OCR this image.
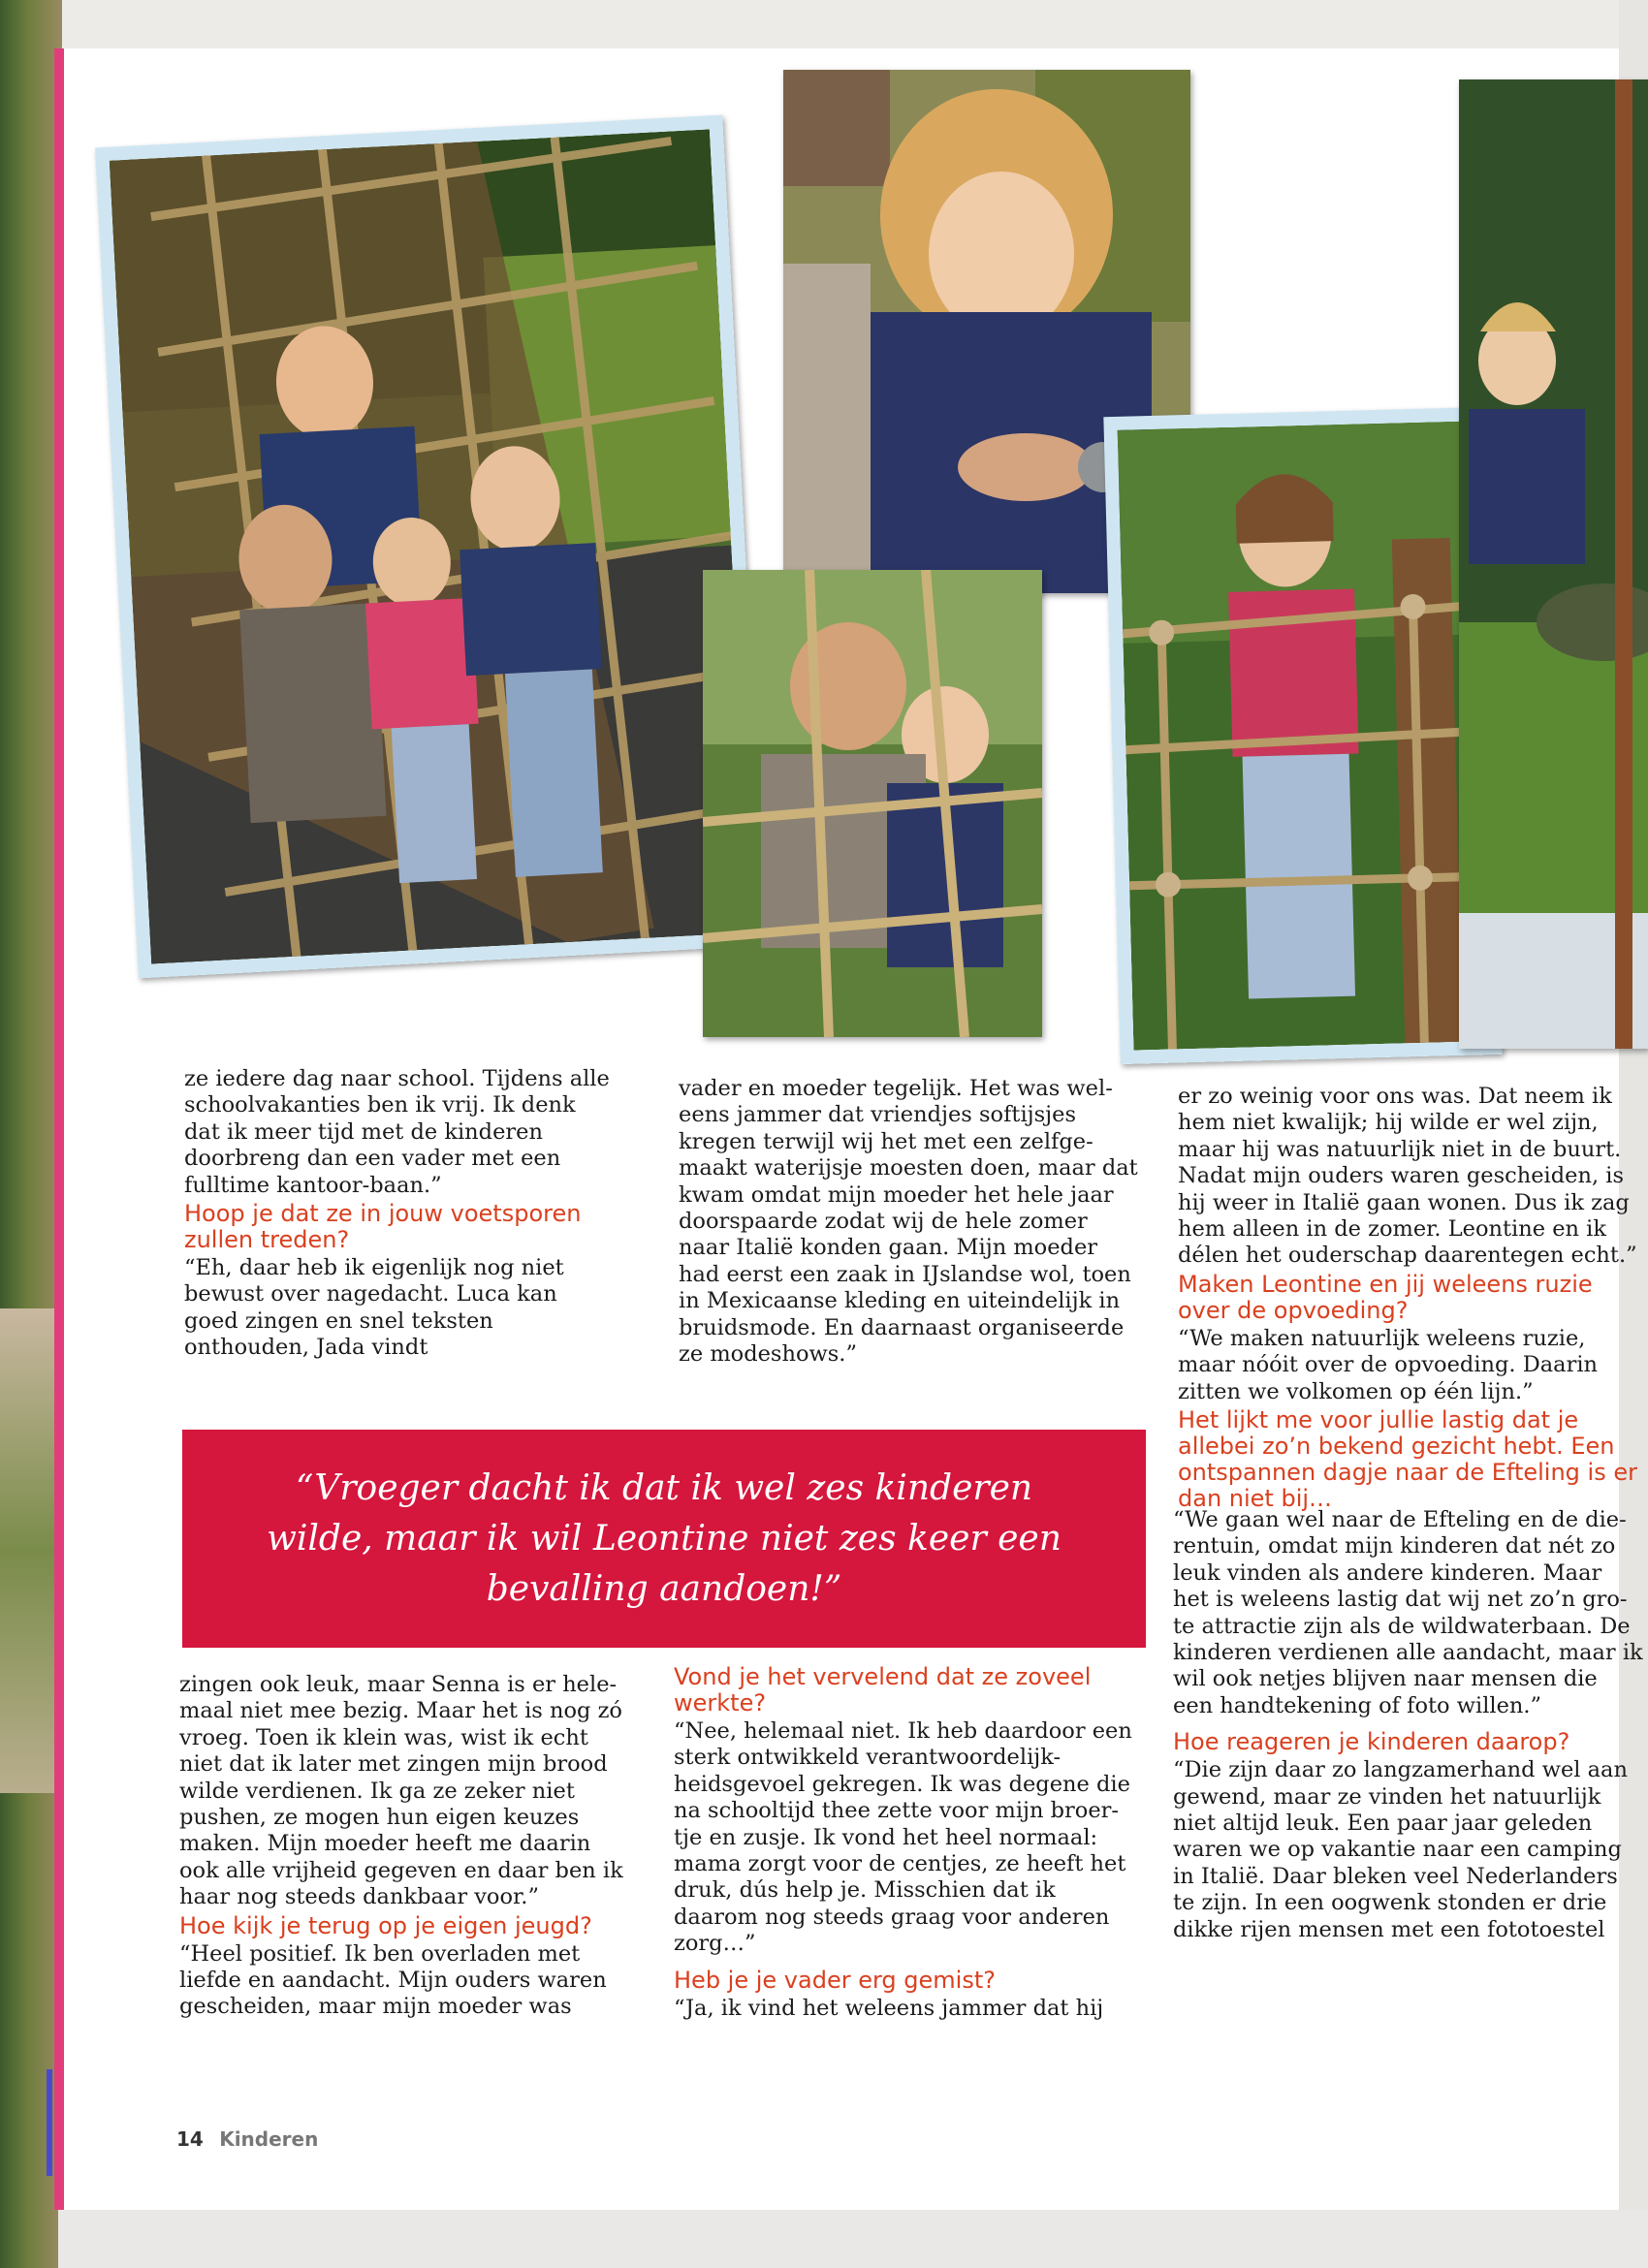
ze iedere dag naar school. Tijdens alle schoolvakanties ben ik vrij. Ik denk dat ik meer tijd met de kinderen doorbreng dan een vader met een fulltime kantoor-baan.”

Hoop je dat ze in jouw voetsporen zullen treden?

“Eh, daar heb ik eigenlijk nog niet bewust over nagedacht. Luca kan goed zingen en snel teksten onthouden, Jada vindt

vader en moeder tegelijk. Het was wel-eens jammer dat vriendjes softijsjes kregen terwijl wij het met een zelfge-maakt waterijsje moesten doen, maar dat kwam omdat mijn moeder het hele jaar doorspaarde zodat wij de hele zomer naar Italië konden gaan. Mijn moeder had eerst een zaak in IJslandse wol, toen in Mexicaanse kleding en uiteindelijk in bruidsmode. En daarnaast organiseerde ze modeshows.”

er zo weinig voor ons was. Dat neem ik hem niet kwalijk; hij wilde er wel zijn, maar hij was natuurlijk niet in de buurt. Nadat mijn ouders waren gescheiden, is hij weer in Italië gaan wonen. Dus ik zag hem alleen in de zomer. Leontine en ik délen het ouderschap daarentegen echt.”

Maken Leontine en jij weleens ruzie over de opvoeding?

“We maken natuurlijk weleens ruzie, maar nóóit over de opvoeding. Daarin zitten we volkomen op één lijn.”

Het lijkt me voor jullie lastig dat je allebei zo’n bekend gezicht hebt. Een ontspannen dagje naar de Efteling is er dan niet bij…
“Vroeger dacht ik dat ik wel zes kinderen wilde, maar ik wil Leontine niet zes keer een bevalling aandoen!”

zingen ook leuk, maar Senna is er hele-maal niet mee bezig. Maar het is nog zó vroeg. Toen ik klein was, wist ik echt niet dat ik later met zingen mijn brood wilde verdienen. Ik ga ze zeker niet pushen, ze mogen hun eigen keuzes maken. Mijn moeder heeft me daarin ook alle vrijheid gegeven en daar ben ik haar nog steeds dankbaar voor.”

Hoe kijk je terug op je eigen jeugd?

“Heel positief. Ik ben overladen met liefde en aandacht. Mijn ouders waren gescheiden, maar mijn moeder was

Vond je het vervelend dat ze zoveel werkte?

“Nee, helemaal niet. Ik heb daardoor een sterk ontwikkeld verantwoordelijk-heidsgevoel gekregen. Ik was degene die na schooltijd thee zette voor mijn broer-tje en zusje. Ik vond het heel normaal: mama zorgt voor de centjes, ze heeft het druk, dús help je. Misschien dat ik daarom nog steeds graag voor anderen zorg…”

Heb je je vader erg gemist?

“Ja, ik vind het weleens jammer dat hij

“We gaan wel naar de Efteling en de die-rentuin, omdat mijn kinderen dat nét zo leuk vinden als andere kinderen. Maar het is weleens lastig dat wij net zo’n gro-te attractie zijn als de wildwaterbaan. De kinderen verdienen alle aandacht, maar ik wil ook netjes blijven naar mensen die een handtekening of foto willen.”

Hoe reageren je kinderen daarop?

“Die zijn daar zo langzamerhand wel aan gewend, maar ze vinden het natuurlijk niet altijd leuk. Een paar jaar geleden waren we op vakantie naar een camping in Italië. Daar bleken veel Nederlanders te zijn. In een oogwenk stonden er drie dikke rijen mensen met een fototoestel

14 Kinderen
